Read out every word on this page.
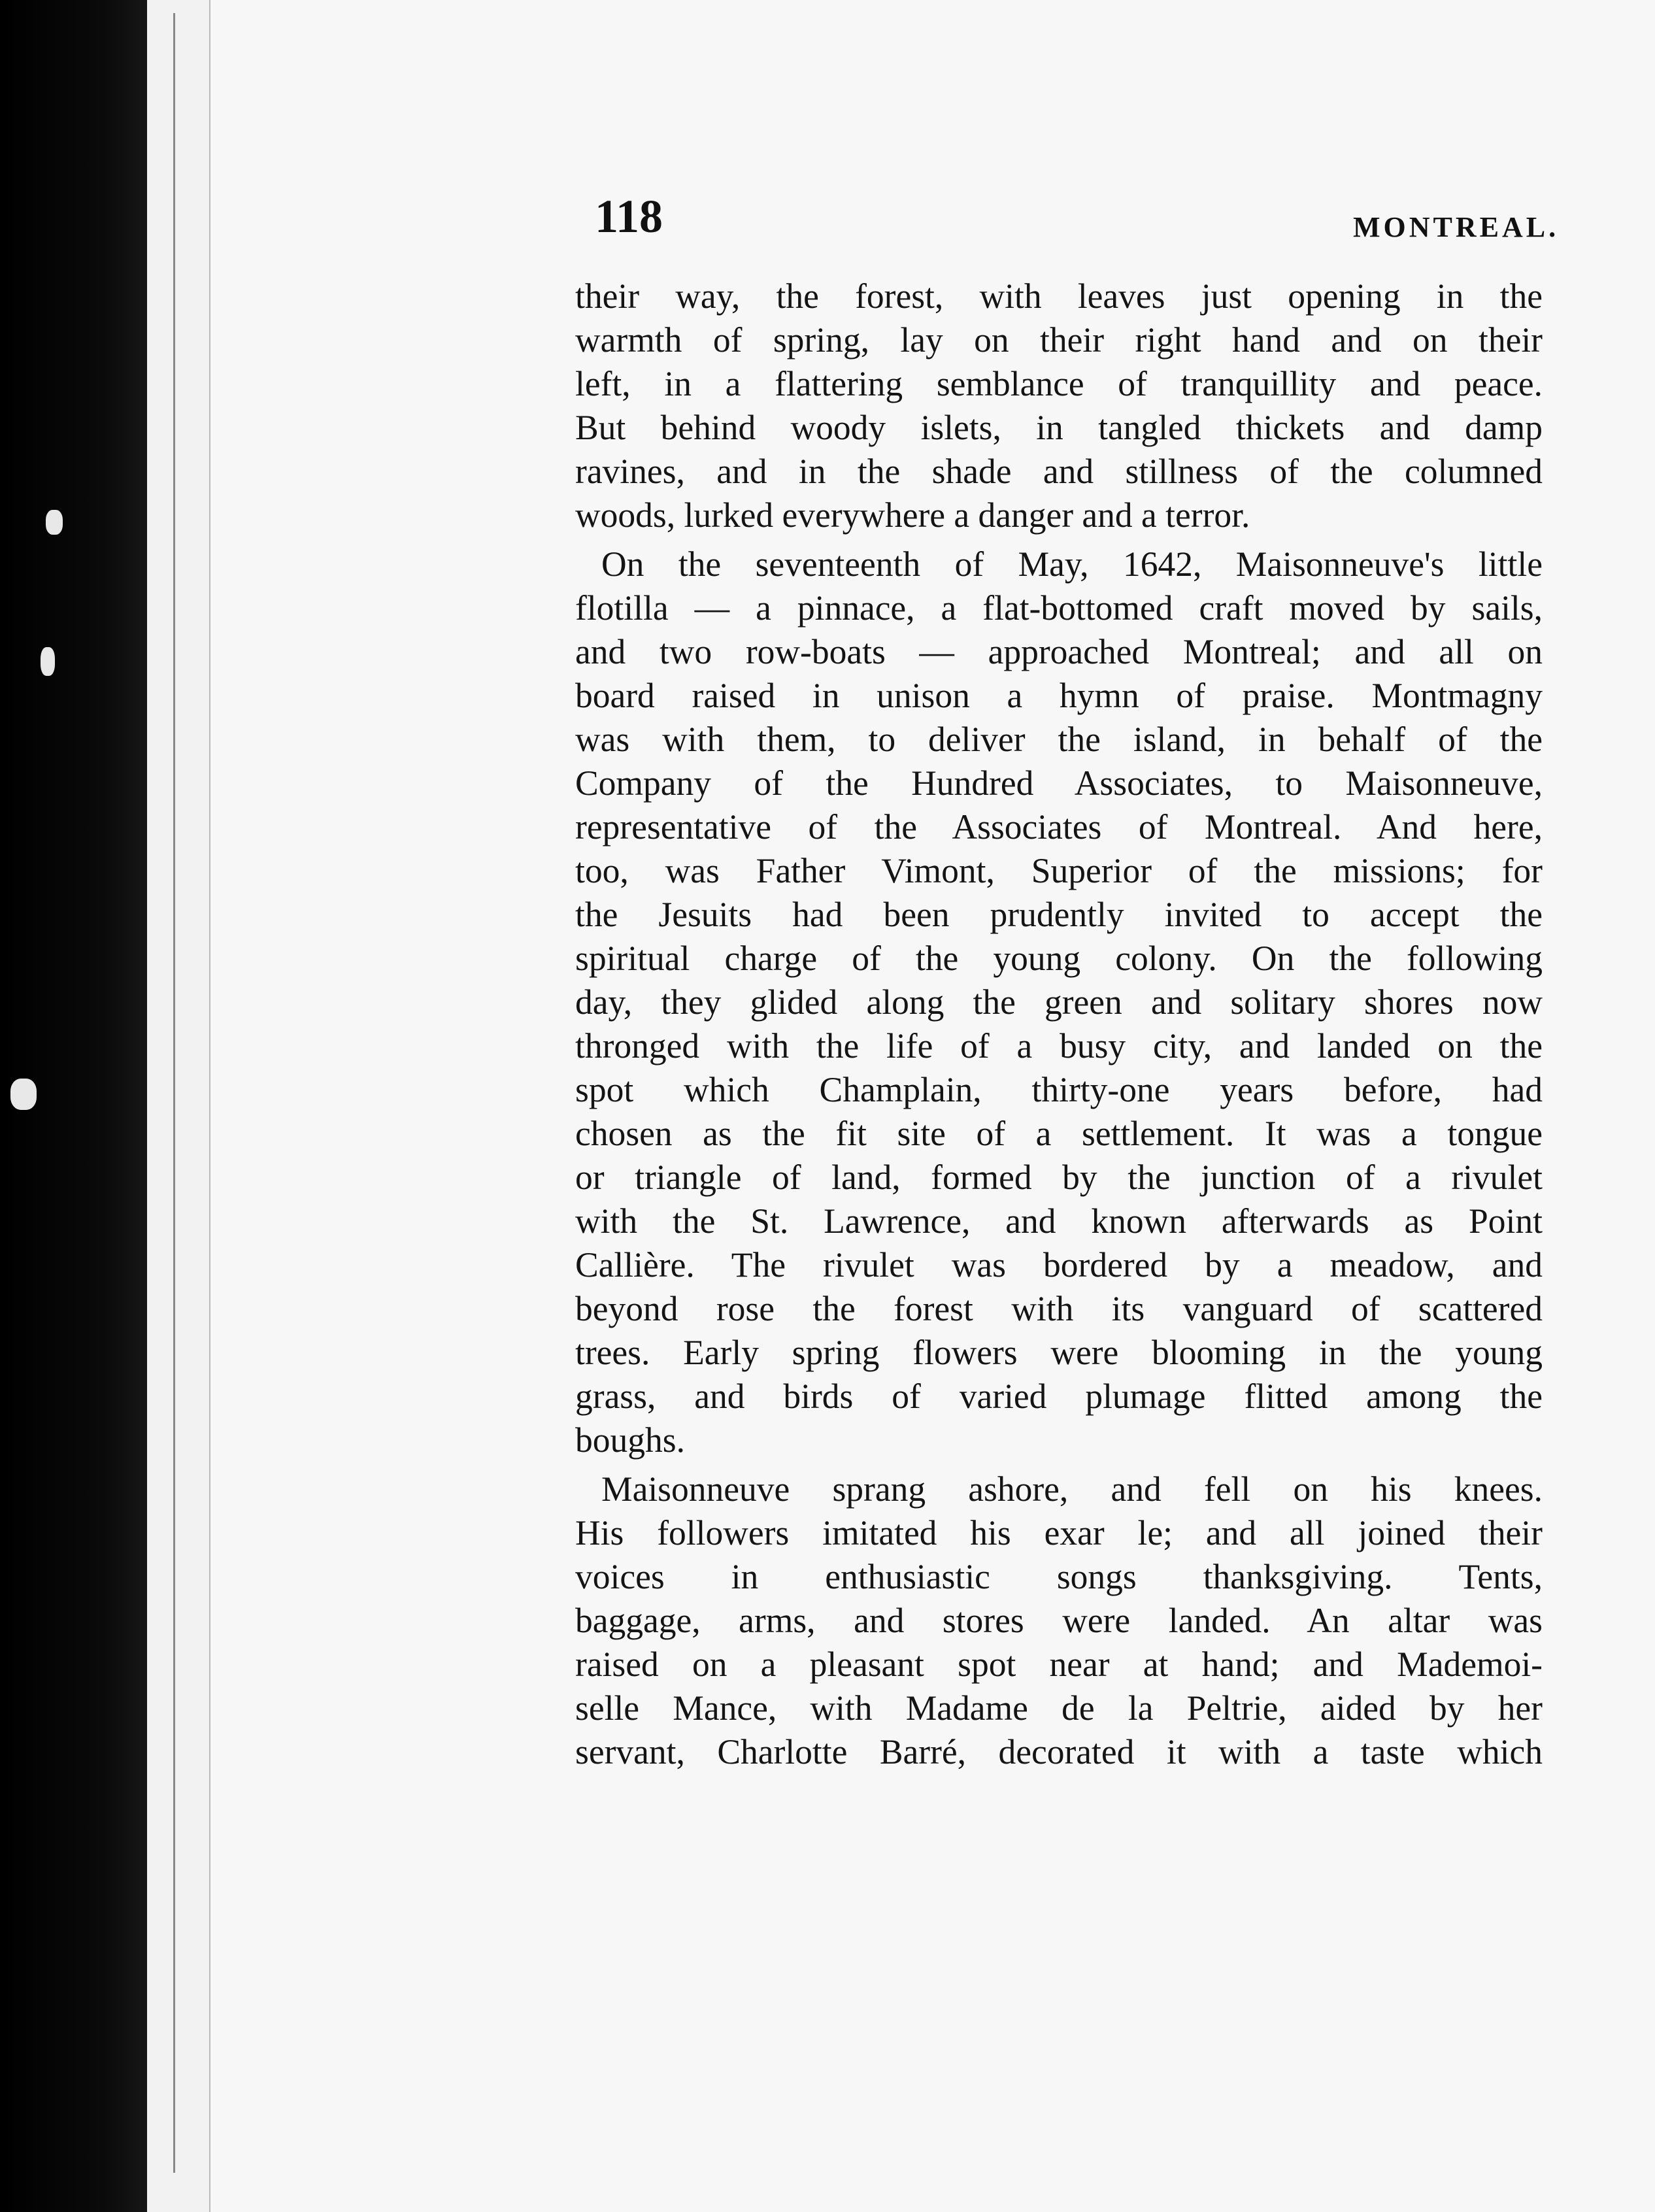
118	MONTREAL.

their way, the forest, with leaves just opening in the
warmth of spring, lay on their right hand and on their
left, in a flattering semblance of tranquillity and peace.
But behind woody islets, in tangled thickets and damp
ravines, and in the shade and stillness of the columned
woods, lurked everywhere a danger and a terror.

On the seventeenth of May, 1642, Maisonneuve's little
flotilla — a pinnace, a flat-bottomed craft moved by sails,
and two row-boats — approached Montreal; and all on
board raised in unison a hymn of praise. Montmagny
was with them, to deliver the island, in behalf of the
Company of the Hundred Associates, to Maisonneuve,
representative of the Associates of Montreal. And here,
too, was Father Vimont, Superior of the missions; for
the Jesuits had been prudently invited to accept the
spiritual charge of the young colony. On the following
day, they glided along the green and solitary shores now
thronged with the life of a busy city, and landed on the
spot which Champlain, thirty-one years before, had
chosen as the fit site of a settlement. It was a tongue
or triangle of land, formed by the junction of a rivulet
with the St. Lawrence, and known afterwards as Point
Callière. The rivulet was bordered by a meadow, and
beyond rose the forest with its vanguard of scattered
trees. Early spring flowers were blooming in the young
grass, and birds of varied plumage flitted among the
boughs.

Maisonneuve sprang ashore, and fell on his knees.
His followers imitated his exar le; and all joined their
voices in enthusiastic songs thanksgiving. Tents,
baggage, arms, and stores were landed. An altar was
raised on a pleasant spot near at hand; and Mademoi-
selle Mance, with Madame de la Peltrie, aided by her
servant, Charlotte Barré, decorated it with a taste which
